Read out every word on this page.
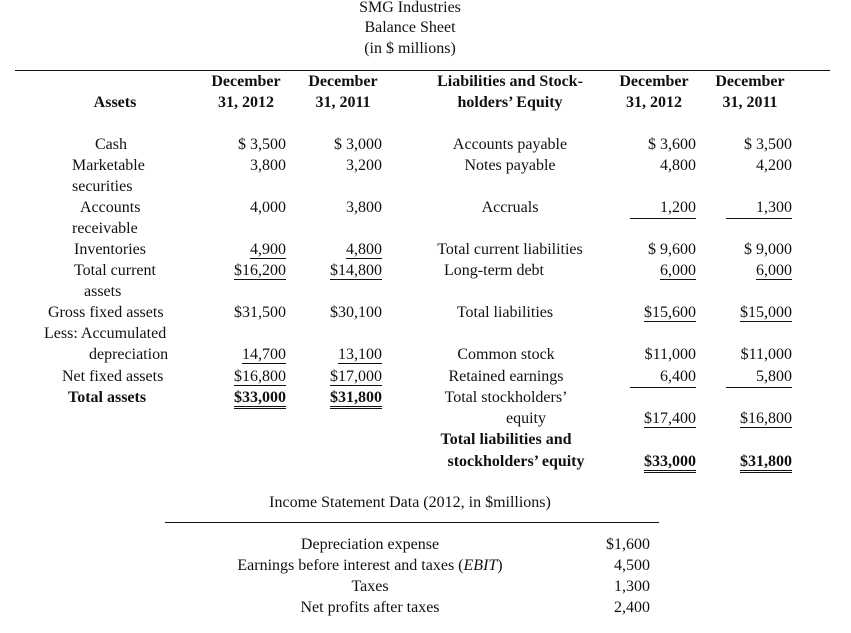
SMG Industries
Balance Sheet
(in $ millions)
Assets
December
31, 2012
December
31, 2011
Liabilities and Stock-
holders’ Equity
December
31, 2012
December
31, 2011
Cash
Marketable
securities
Accounts
receivable
Inventories
Total current
assets
Gross fixed assets
Less: Accumulated
depreciation
Net fixed assets
Total assets
$ 3,500
3,800
4,000
4,900
$16,200
$31,500
14,700
$16,800
$33,000
$ 3,000
3,200
3,800
4,800
$14,800
$30,100
13,100
$17,000
$31,800
Accounts payable
Notes payable
Accruals
Total current liabilities
Long-term debt
Total liabilities
Common stock
Retained earnings
Total stockholders’
equity
Total liabilities and
stockholders’ equity
$ 3,600
4,800
1,200
$ 9,600
6,000
$15,600
$11,000
6,400
$17,400
$33,000
$ 3,500
4,200
1,300
$ 9,000
6,000
$15,000
$11,000
5,800
$16,800
$31,800
Income Statement Data (2012, in $millions)
Depreciation expense
Earnings before interest and taxes (EBIT)
Taxes
Net profits after taxes
$1,600
4,500
1,300
2,400
